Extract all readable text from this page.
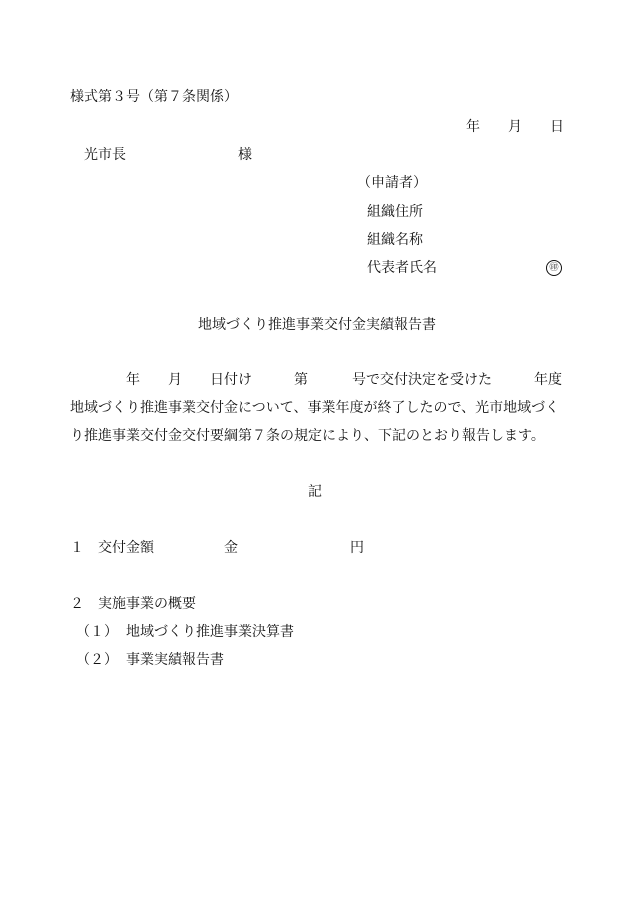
様式第３号（第７条関係）
年 月 日
光市長	様
（申請者）
組織住所
組織名称
代表者氏名	㊞
地域づくり推進事業交付金実績報告書
年 月 日付け	第	号で交付決定を受けた	年度
地域づくり推進事業交付金について、事業年度が終了したので、光市地域づく
り推進事業交付金交付要綱第７条の規定により、下記のとおり報告します。
記
１ 交付金額	金	円
２ 実施事業の概要
（１） 地域づくり推進事業決算書
（２） 事業実績報告書
